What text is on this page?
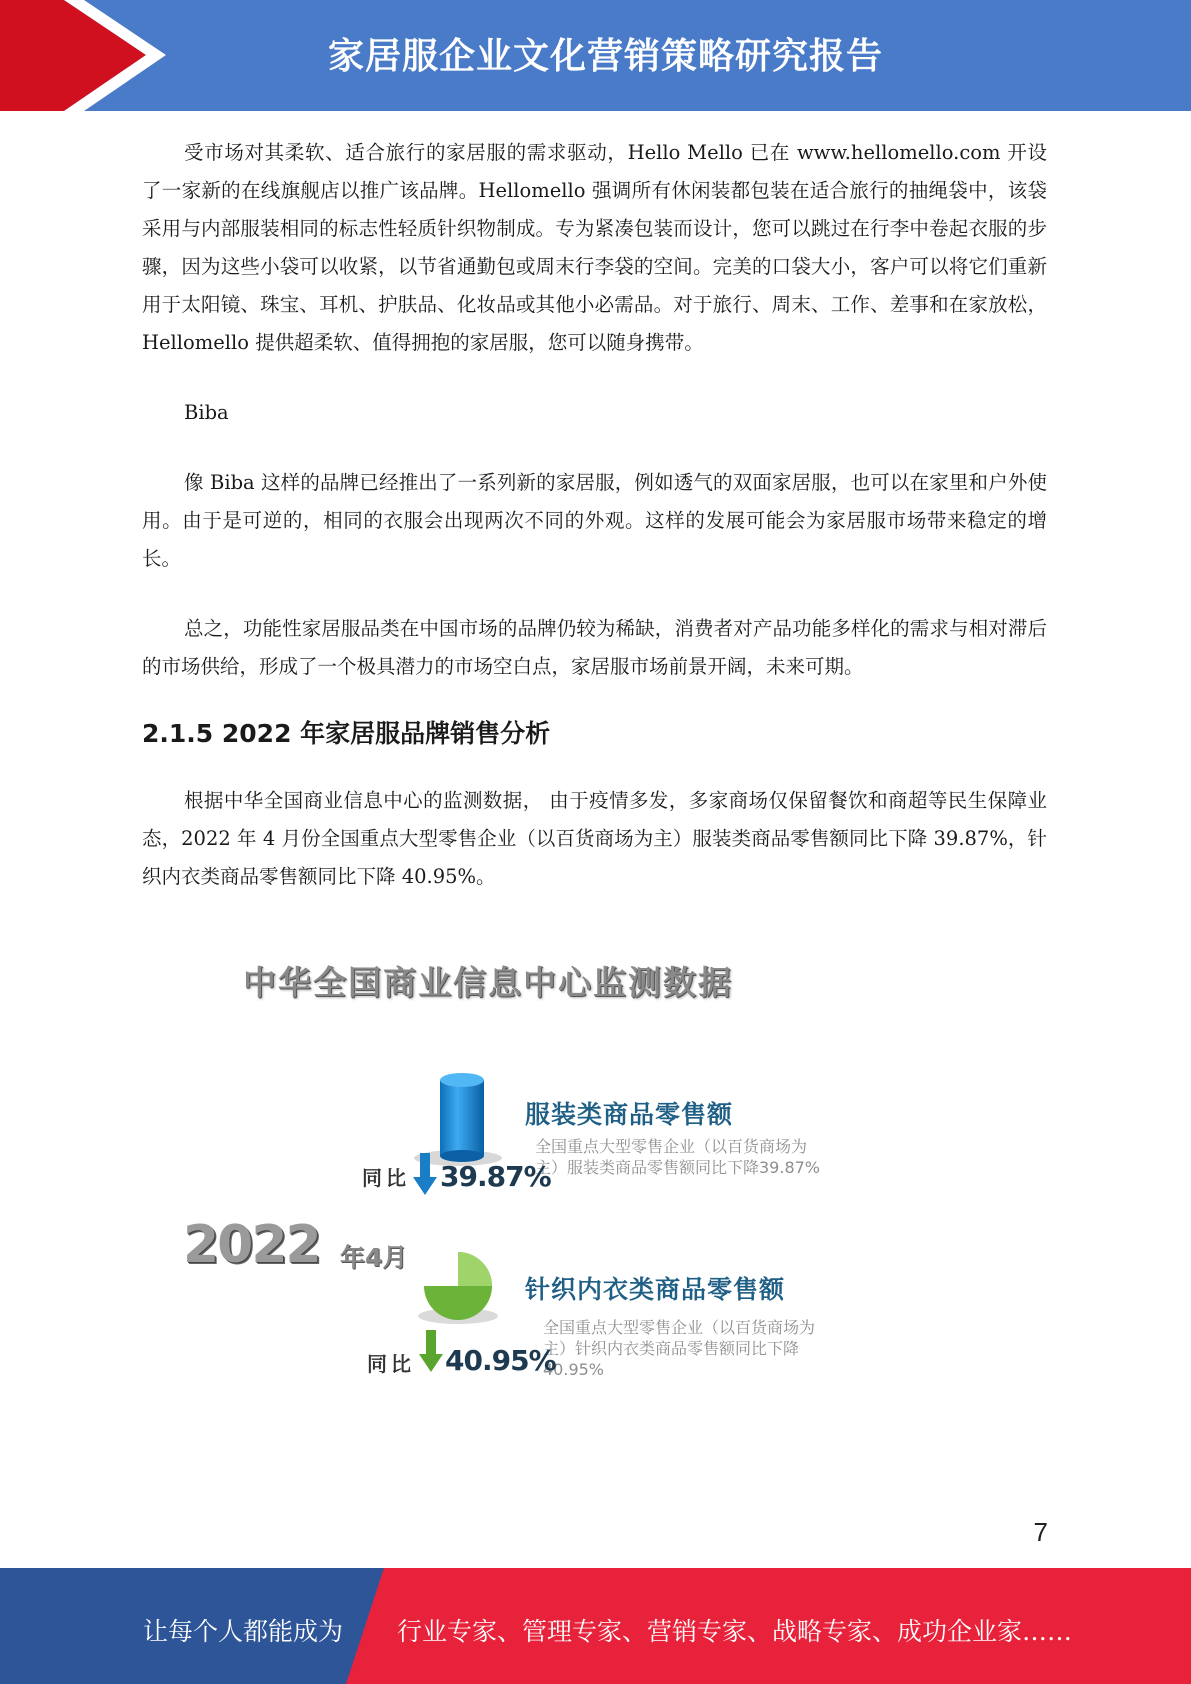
家居服企业文化营销策略研究报告

受市场对其柔软、适合旅行的家居服的需求驱动，Hello Mello 已在 www.hellomello.com 开设了一家新的在线旗舰店以推广该品牌。Hellomello 强调所有休闲装都包装在适合旅行的抽绳袋中，该袋采用与内部服装相同的标志性轻质针织物制成。专为紧凑包装而设计，您可以跳过在行李中卷起衣服的步骤，因为这些小袋可以收紧，以节省通勤包或周末行李袋的空间。完美的口袋大小，客户可以将它们重新用于太阳镜、珠宝、耳机、护肤品、化妆品或其他小必需品。对于旅行、周末、工作、差事和在家放松，Hellomello 提供超柔软、值得拥抱的家居服，您可以随身携带。

Biba

像 Biba 这样的品牌已经推出了一系列新的家居服，例如透气的双面家居服，也可以在家里和户外使用。由于是可逆的，相同的衣服会出现两次不同的外观。这样的发展可能会为家居服市场带来稳定的增长。

总之，功能性家居服品类在中国市场的品牌仍较为稀缺，消费者对产品功能多样化的需求与相对滞后的市场供给，形成了一个极具潜力的市场空白点，家居服市场前景开阔，未来可期。

2.1.5 2022 年家居服品牌销售分析

根据中华全国商业信息中心的监测数据， 由于疫情多发，多家商场仅保留餐饮和商超等民生保障业态，2022 年 4 月份全国重点大型零售企业（以百货商场为主）服装类商品零售额同比下降 39.87%，针织内衣类商品零售额同比下降 40.95%。

中华全国商业信息中心监测数据
服装类商品零售额
全国重点大型零售企业（以百货商场为
主）服装类商品零售额同比下降39.87%
同比 39.87%
2022 年4月
针织内衣类商品零售额
全国重点大型零售企业（以百货商场为
主）针织内衣类商品零售额同比下降
40.95%
同比 40.95%
7
让每个人都能成为 行业专家、管理专家、营销专家、战略专家、成功企业家……
